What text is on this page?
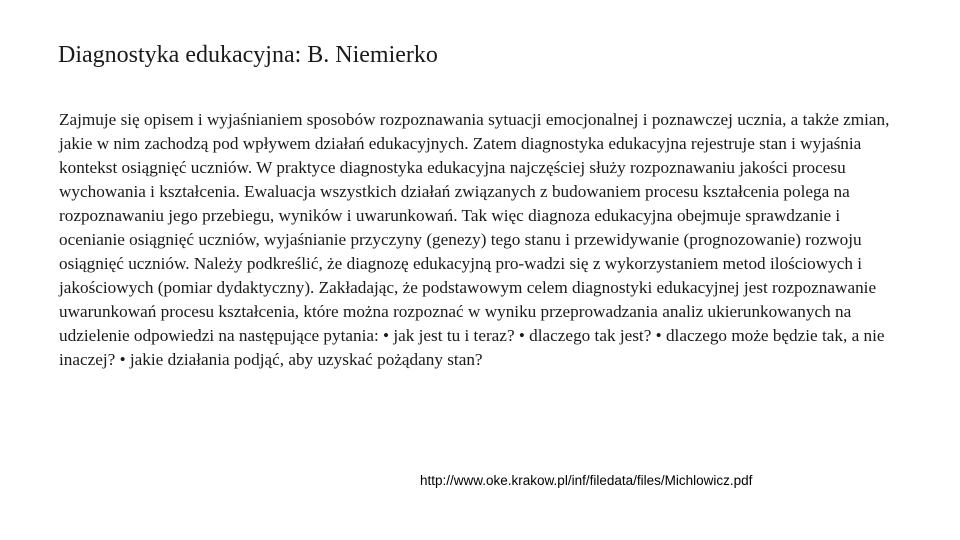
Diagnostyka edukacyjna: B. Niemierko

Zajmuje się opisem i wyjaśnianiem sposobów rozpoznawania sytuacji emocjonalnej i poznawczej ucznia, a także zmian, jakie w nim zachodzą pod wpływem działań edukacyjnych. Zatem diagnostyka edukacyjna rejestruje stan i wyjaśnia kontekst osiągnięć uczniów. W praktyce diagnostyka edukacyjna najczęściej służy rozpoznawaniu jakości procesu wychowania i kształcenia. Ewaluacja wszystkich działań związanych z budowaniem procesu kształcenia polega na rozpoznawaniu jego przebiegu, wyników i uwarunkowań. Tak więc diagnoza edukacyjna obejmuje sprawdzanie i ocenianie osiągnięć uczniów, wyjaśnianie przyczyny (genezy) tego stanu i przewidywanie (prognozowanie) rozwoju osiągnięć uczniów. Należy podkreślić, że diagnozę edukacyjną pro-wadzi się z wykorzystaniem metod ilościowych i jakościowych (pomiar dydaktyczny). Zakładając, że podstawowym celem diagnostyki edukacyjnej jest rozpoznawanie uwarunkowań procesu kształcenia, które można rozpoznać w wyniku przeprowadzania analiz ukierunkowanych na udzielenie odpowiedzi na następujące pytania: • jak jest tu i teraz? • dlaczego tak jest? • dlaczego może będzie tak, a nie inaczej? • jakie działania podjąć, aby uzyskać pożądany stan?

http://www.oke.krakow.pl/inf/filedata/files/Michlowicz.pdf
